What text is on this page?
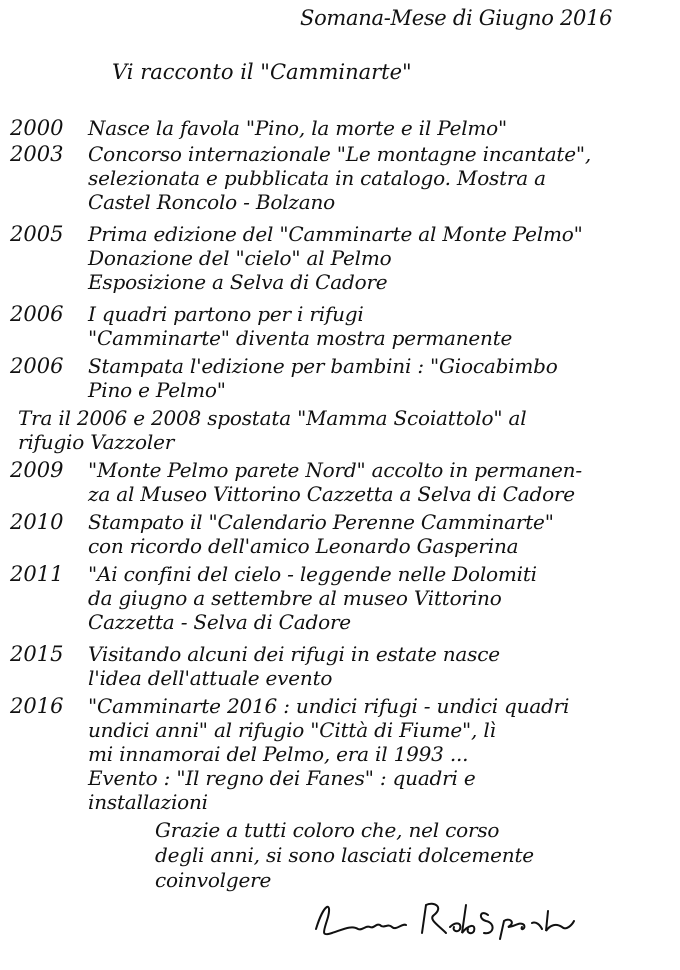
Somana-Mese di Giugno 2016
Vi racconto il "Camminarte"
2000	Nasce la favola "Pino, la morte e il Pelmo"
2003	Concorso internazionale "Le montagne incantate",
selezionata e pubblicata in catalogo. Mostra a
Castel Roncolo - Bolzano
2005	Prima edizione del "Camminarte al Monte Pelmo"
Donazione del "cielo" al Pelmo
Esposizione a Selva di Cadore
2006	I quadri partono per i rifugi
"Camminarte" diventa mostra permanente
2006	Stampata l'edizione per bambini : "Giocabimbo
Pino e Pelmo"
Tra il 2006 e 2008 spostata "Mamma Scoiattolo" al
rifugio Vazzoler
2009	"Monte Pelmo parete Nord" accolto in permanen-
za al Museo Vittorino Cazzetta a Selva di Cadore
2010	Stampato il "Calendario Perenne Camminarte"
con ricordo dell'amico Leonardo Gasperina
2011	"Ai confini del cielo - leggende nelle Dolomiti
da giugno a settembre al museo Vittorino
Cazzetta - Selva di Cadore
2015	Visitando alcuni dei rifugi in estate nasce
l'idea dell'attuale evento
2016	"Camminarte 2016 : undici rifugi - undici quadri
undici anni" al rifugio "Città di Fiume", lì
mi innamorai del Pelmo, era il 1993 ...
Evento : "Il regno dei Fanes" : quadri e
installazioni
Grazie a tutti coloro che, nel corso
degli anni, si sono lasciati dolcemente
coinvolgere
